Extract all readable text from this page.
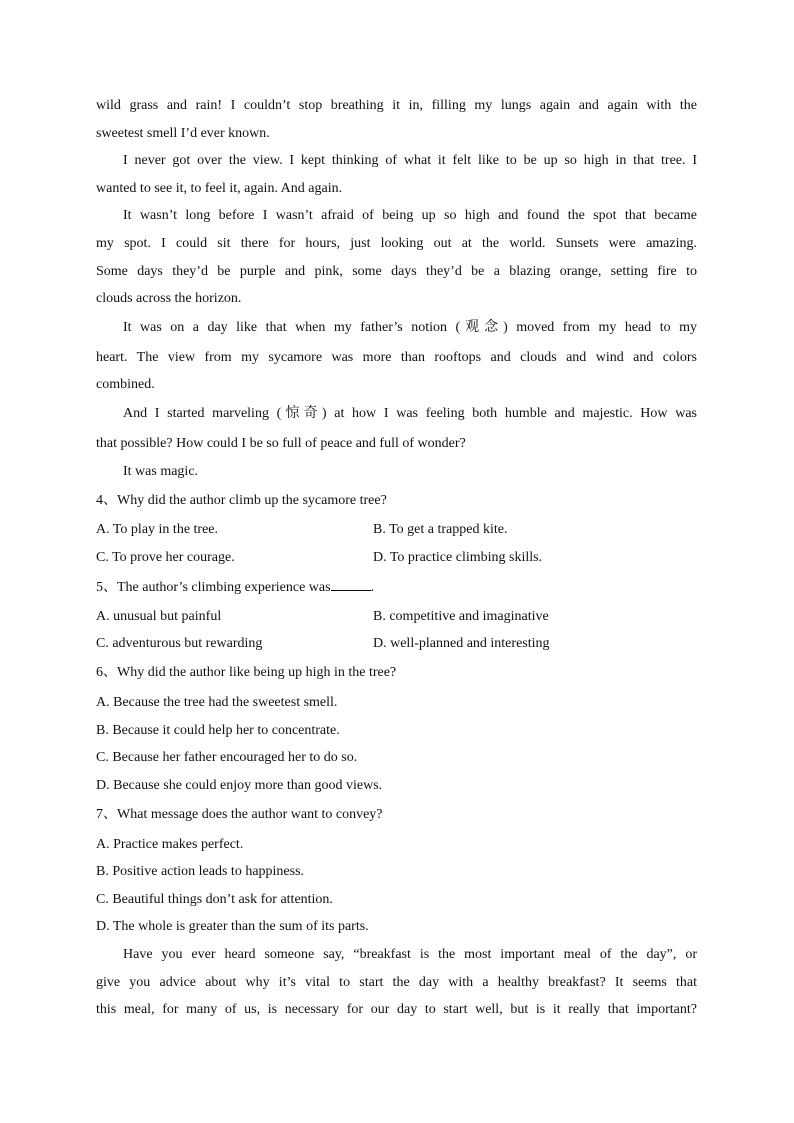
wild grass and rain! I couldn’t stop breathing it in, filling my lungs again and again with the
sweetest smell I’d ever known.
I never got over the view. I kept thinking of what it felt like to be up so high in that tree. I
wanted to see it, to feel it, again. And again.
It wasn’t long before I wasn’t afraid of being up so high and found the spot that became
my spot. I could sit there for hours, just looking out at the world. Sunsets were amazing.
Some days they’d be purple and pink, some days they’d be a blazing orange, setting fire to
clouds across the horizon.
It was on a day like that when my father’s notion (观念) moved from my head to my
heart. The view from my sycamore was more than rooftops and clouds and wind and colors
combined.
And I started marveling (惊奇) at how I was feeling both humble and majestic. How was
that possible? How could I be so full of peace and full of wonder?
It was magic.
4、Why did the author climb up the sycamore tree?
A. To play in the tree.	B. To get a trapped kite.
C. To prove her courage.	D. To practice climbing skills.
5、The author’s climbing experience was	.
A. unusual but painful	B. competitive and imaginative
C. adventurous but rewarding	D. well-planned and interesting
6、Why did the author like being up high in the tree?
A. Because the tree had the sweetest smell.
B. Because it could help her to concentrate.
C. Because her father encouraged her to do so.
D. Because she could enjoy more than good views.
7、What message does the author want to convey?
A. Practice makes perfect.
B. Positive action leads to happiness.
C. Beautiful things don’t ask for attention.
D. The whole is greater than the sum of its parts.
Have you ever heard someone say, “breakfast is the most important meal of the day”, or
give you advice about why it’s vital to start the day with a healthy breakfast? It seems that
this meal, for many of us, is necessary for our day to start well, but is it really that important?
